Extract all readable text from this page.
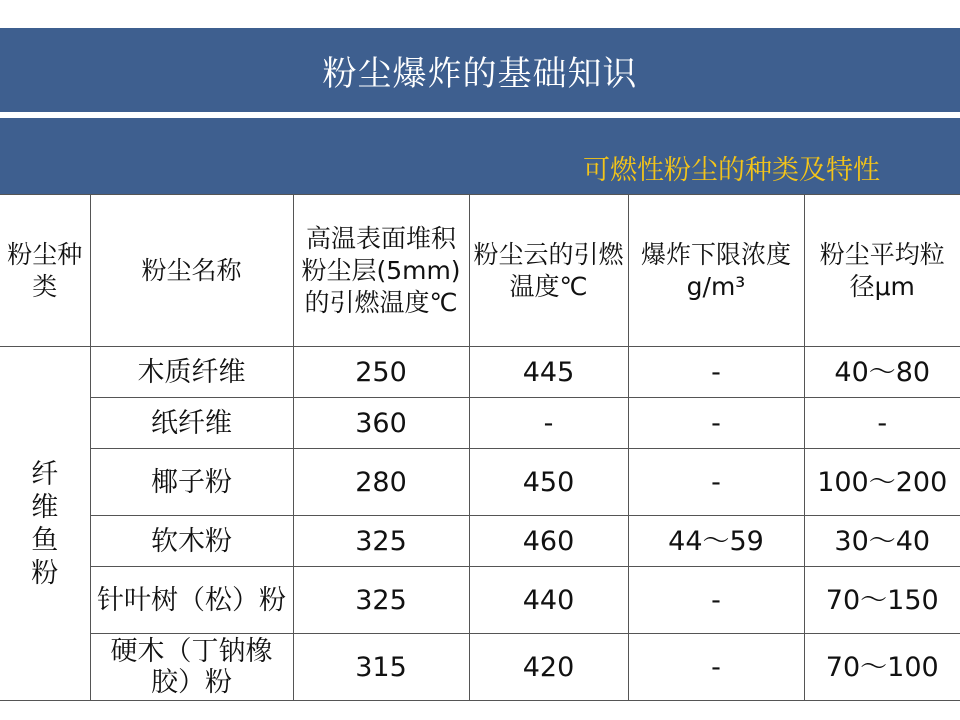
粉尘爆炸的基础知识
可燃性粉尘的种类及特性
粉尘种类	粉尘名称	高温表面堆积粉尘层(5mm)的引燃温度℃	粉尘云的引燃温度℃	爆炸下限浓度g/m³	粉尘平均粒径μm

纤维鱼粉	木质纤维	250	445	-	40～80
	纸纤维	360	-	-	-
	椰子粉	280	450	-	100～200
	软木粉	325	460	44～59	30～40
	针叶树（松）粉	325	440	-	70～150
	硬木（丁钠橡胶）粉	315	420	-	70～100
